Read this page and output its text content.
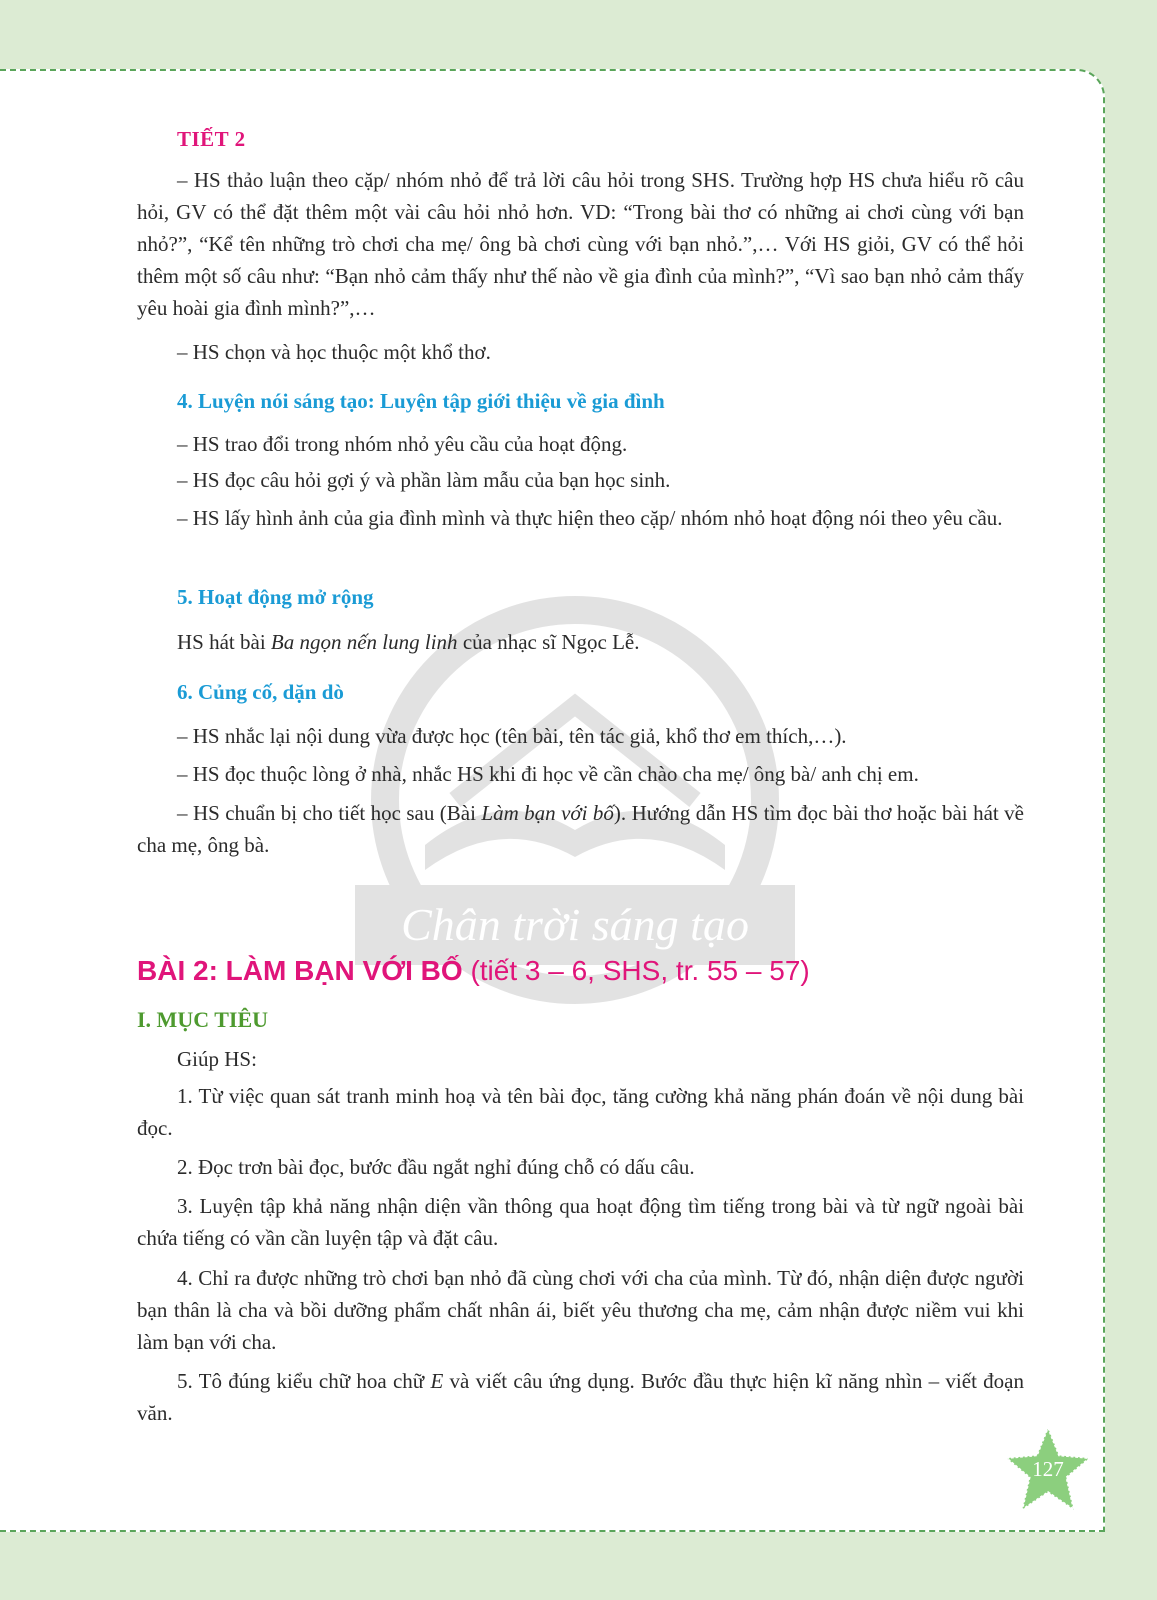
TIẾT 2
– HS thảo luận theo cặp/ nhóm nhỏ để trả lời câu hỏi trong SHS. Trường hợp HS chưa hiểu rõ câu hỏi, GV có thể đặt thêm một vài câu hỏi nhỏ hơn. VD: “Trong bài thơ có những ai chơi cùng với bạn nhỏ?”, “Kể tên những trò chơi cha mẹ/ ông bà chơi cùng với bạn nhỏ.”,… Với HS giỏi, GV có thể hỏi thêm một số câu như: “Bạn nhỏ cảm thấy như thế nào về gia đình của mình?”, “Vì sao bạn nhỏ cảm thấy yêu hoài gia đình mình?”,…
– HS chọn và học thuộc một khổ thơ.
4. Luyện nói sáng tạo: Luyện tập giới thiệu về gia đình
– HS trao đổi trong nhóm nhỏ yêu cầu của hoạt động.
– HS đọc câu hỏi gợi ý và phần làm mẫu của bạn học sinh.
– HS lấy hình ảnh của gia đình mình và thực hiện theo cặp/ nhóm nhỏ hoạt động nói theo yêu cầu.
5. Hoạt động mở rộng
HS hát bài Ba ngọn nến lung linh của nhạc sĩ Ngọc Lễ.
6. Củng cố, dặn dò
– HS nhắc lại nội dung vừa được học (tên bài, tên tác giả, khổ thơ em thích,…).
– HS đọc thuộc lòng ở nhà, nhắc HS khi đi học về cần chào cha mẹ/ ông bà/ anh chị em.
– HS chuẩn bị cho tiết học sau (Bài Làm bạn với bố). Hướng dẫn HS tìm đọc bài thơ hoặc bài hát về cha mẹ, ông bà.
BÀI 2: LÀM BẠN VỚI BỐ (tiết 3 – 6, SHS, tr. 55 – 57)
I. MỤC TIÊU
Giúp HS:
1. Từ việc quan sát tranh minh hoạ và tên bài đọc, tăng cường khả năng phán đoán về nội dung bài đọc.
2. Đọc trơn bài đọc, bước đầu ngắt nghỉ đúng chỗ có dấu câu.
3. Luyện tập khả năng nhận diện vần thông qua hoạt động tìm tiếng trong bài và từ ngữ ngoài bài chứa tiếng có vần cần luyện tập và đặt câu.
4. Chỉ ra được những trò chơi bạn nhỏ đã cùng chơi với cha của mình. Từ đó, nhận diện được người bạn thân là cha và bồi dưỡng phẩm chất nhân ái, biết yêu thương cha mẹ, cảm nhận được niềm vui khi làm bạn với cha.
5. Tô đúng kiểu chữ hoa chữ E và viết câu ứng dụng. Bước đầu thực hiện kĩ năng nhìn – viết đoạn văn.
127
